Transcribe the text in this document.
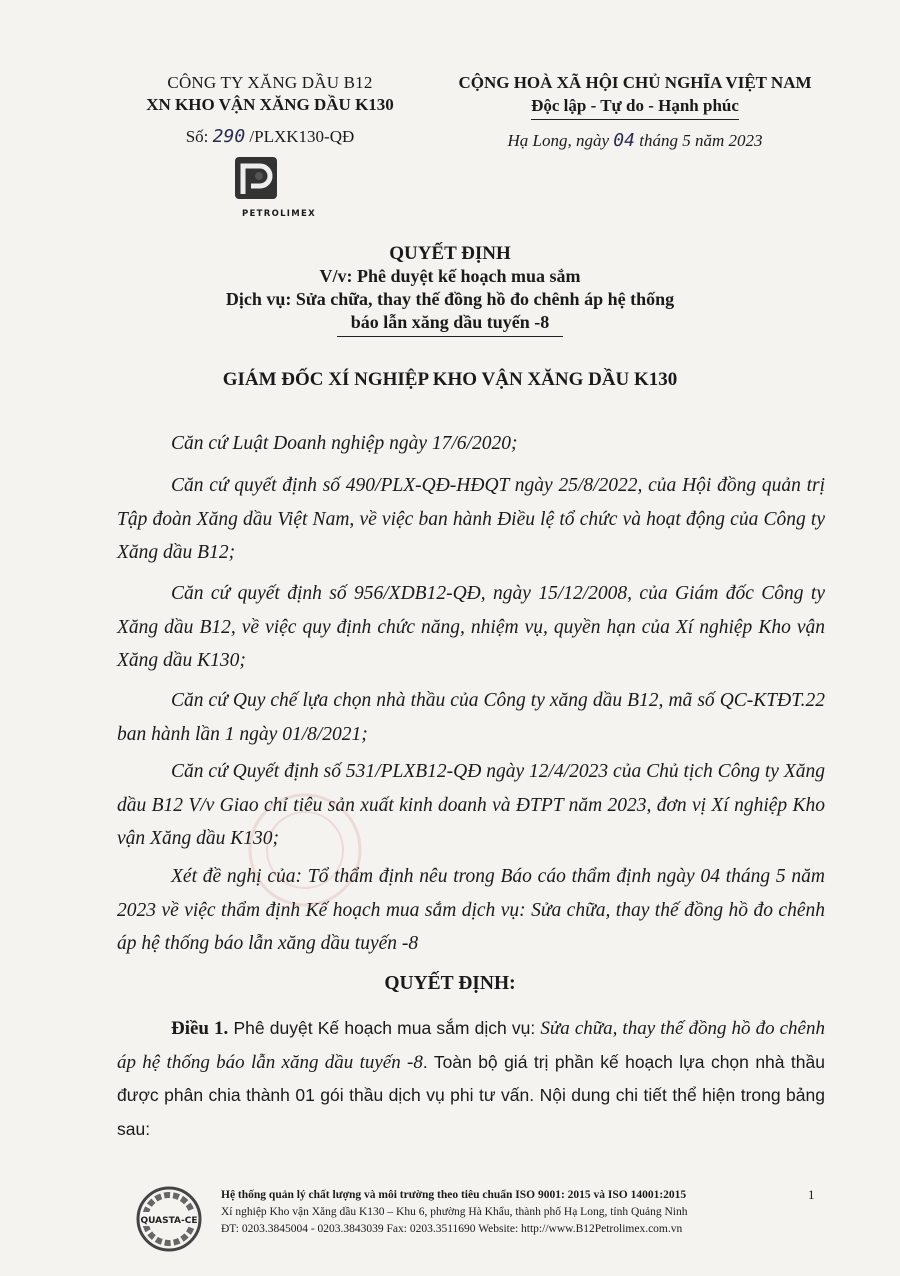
CÔNG TY XĂNG DẦU B12
XN KHO VẬN XĂNG DẦU K130
Số: 290 /PLXK130-QĐ
CỘNG HOÀ XÃ HỘI CHỦ NGHĨA VIỆT NAM
Độc lập - Tự do - Hạnh phúc
Hạ Long, ngày 04 tháng 5 năm 2023
PETROLIMEX
QUYẾT ĐỊNH
V/v: Phê duyệt kế hoạch mua sắm
Dịch vụ: Sửa chữa, thay thế đồng hồ đo chênh áp hệ thống
báo lẫn xăng dầu tuyến -8
GIÁM ĐỐC XÍ NGHIỆP KHO VẬN XĂNG DẦU K130
Căn cứ Luật Doanh nghiệp ngày 17/6/2020;
Căn cứ quyết định số 490/PLX-QĐ-HĐQT ngày 25/8/2022, của Hội đồng quản trị Tập đoàn Xăng dầu Việt Nam, về việc ban hành Điều lệ tổ chức và hoạt động của Công ty Xăng dầu B12;
Căn cứ quyết định số 956/XDB12-QĐ, ngày 15/12/2008, của Giám đốc Công ty Xăng dầu B12, về việc quy định chức năng, nhiệm vụ, quyền hạn của Xí nghiệp Kho vận Xăng dầu K130;
Căn cứ Quy chế lựa chọn nhà thầu của Công ty xăng dầu B12, mã số QC-KTĐT.22 ban hành lần 1 ngày 01/8/2021;
Căn cứ Quyết định số 531/PLXB12-QĐ ngày 12/4/2023 của Chủ tịch Công ty Xăng dầu B12 V/v Giao chỉ tiêu sản xuất kinh doanh và ĐTPT năm 2023, đơn vị Xí nghiệp Kho vận Xăng dầu K130;
Xét đề nghị của: Tổ thẩm định nêu trong Báo cáo thẩm định ngày 04 tháng 5 năm 2023 về việc thẩm định Kế hoạch mua sắm dịch vụ: Sửa chữa, thay thế đồng hồ đo chênh áp hệ thống báo lẫn xăng dầu tuyến -8
QUYẾT ĐỊNH:
Điều 1. Phê duyệt Kế hoạch mua sắm dịch vụ: Sửa chữa, thay thế đồng hồ đo chênh áp hệ thống báo lẫn xăng dầu tuyến -8. Toàn bộ giá trị phần kế hoạch lựa chọn nhà thầu được phân chia thành 01 gói thầu dịch vụ phi tư vấn. Nội dung chi tiết thể hiện trong bảng sau:
QUASTA-CE
Hệ thống quản lý chất lượng và môi trường theo tiêu chuẩn ISO 9001: 2015 và ISO 14001:2015
Xí nghiệp Kho vận Xăng dầu K130 – Khu 6, phường Hà Khẩu, thành phố Hạ Long, tỉnh Quảng Ninh
ĐT: 0203.3845004 - 0203.3843039 Fax: 0203.3511690 Website: http://www.B12Petrolimex.com.vn
1
